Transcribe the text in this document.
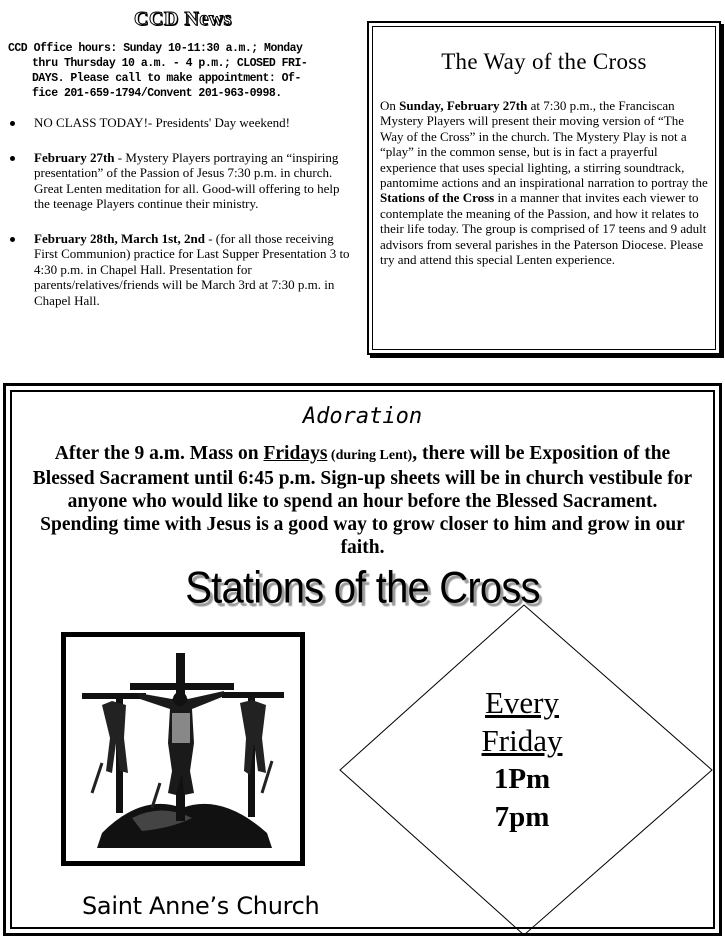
CCD News
CCD Office hours: Sunday 10-11:30 a.m.; Monday
thru Thursday 10 a.m. - 4 p.m.; CLOSED FRI-
DAYS. Please call to make appointment: Of-
fice 201-659-1794/Convent 201-963-0998.
NO CLASS TODAY!- Presidents' Day weekend!
February 27th - Mystery Players portraying an “inspiring presentation” of the Passion of Jesus 7:30 p.m. in church. Great Lenten meditation for all. Good-will offering to help the teenage Players continue their ministry.
February 28th, March 1st, 2nd - (for all those receiving First Communion) practice for Last Supper Presentation 3 to 4:30 p.m. in Chapel Hall. Presentation for parents/relatives/friends will be March 3rd at 7:30 p.m. in Chapel Hall.
The Way of the Cross
On Sunday, February 27th at 7:30 p.m., the Franciscan Mystery Players will present their moving version of “The Way of the Cross” in the church. The Mystery Play is not a “play” in the common sense, but is in fact a prayerful experience that uses special lighting, a stirring soundtrack, pantomime actions and an inspirational narration to portray the Stations of the Cross in a manner that invites each viewer to contemplate the meaning of the Passion, and how it relates to their life today. The group is comprised of 17 teens and 9 adult advisors from several parishes in the Paterson Diocese. Please try and attend this special Lenten experience.
Adoration
After the 9 a.m. Mass on Fridays (during Lent), there will be Exposition of the Blessed Sacrament until 6:45 p.m. Sign-up sheets will be in church vestibule for anyone who would like to spend an hour before the Blessed Sacrament. Spending time with Jesus is a good way to grow closer to him and grow in our faith.
Stations of the Cross
Saint Anne’s Church
Every
Friday
1Pm
7pm
